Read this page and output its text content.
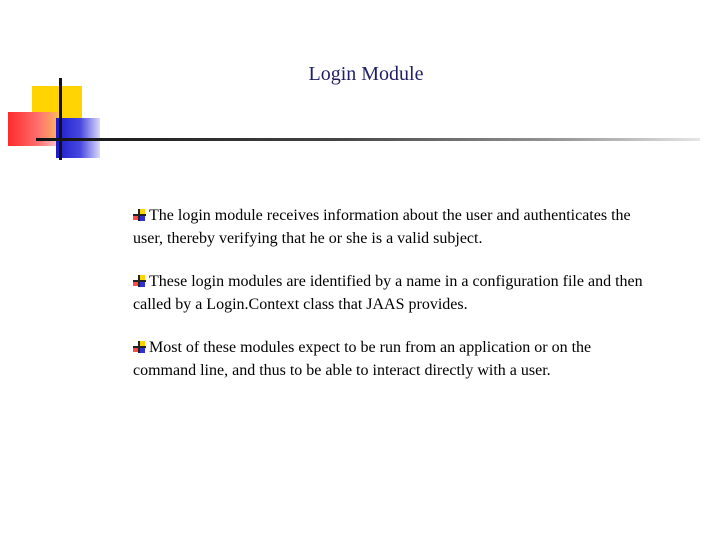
Login Module

The login module receives information about the user and authenticates the user, thereby verifying that he or she is a valid subject.

These login modules are identified by a name in a configuration file and then called by a Login.Context class that JAAS provides.

Most of these modules expect to be run from an application or on the command line, and thus to be able to interact directly with a user.
